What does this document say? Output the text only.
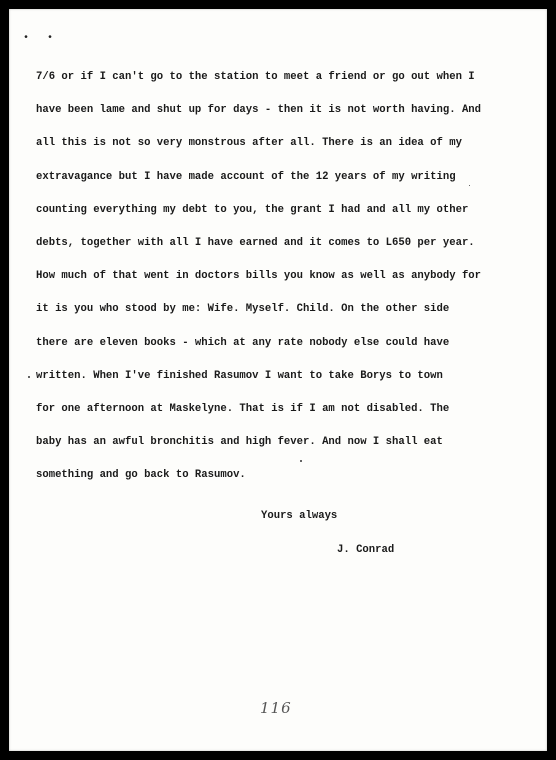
• •
7/6 or if I can't go to the station to meet a friend or go out when I
have been lame and shut up for days - then it is not worth having. And
all this is not so very monstrous after all. There is an idea of my
extravagance but I have made account of the 12 years of my writing
counting everything my debt to you, the grant I had and all my other
debts, together with all I have earned and it comes to L650 per year.
How much of that went in doctors bills you know as well as anybody for
it is you who stood by me: Wife. Myself. Child. On the other side
there are eleven books - which at any rate nobody else could have
written. When I've finished Rasumov I want to take Borys to town
for one afternoon at Maskelyne. That is if I am not disabled. The
baby has an awful bronchitis and high fever. And now I shall eat
something and go back to Rasumov.
Yours always
J. Conrad
116
